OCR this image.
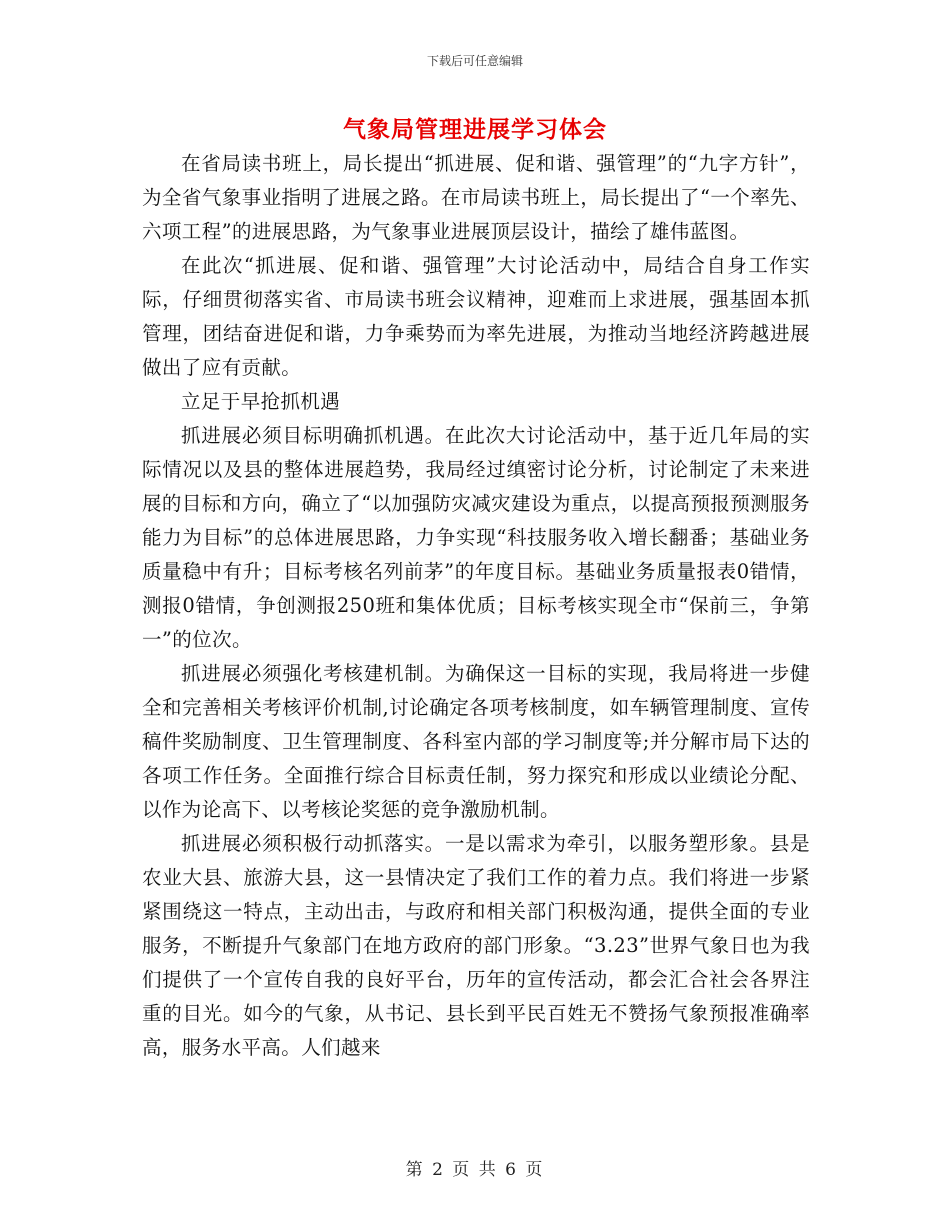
下载后可任意编辑
气象局管理进展学习体会

在省局读书班上，局长提出“抓进展、促和谐、强管理”的“九字方针”，为全省气象事业指明了进展之路。在市局读书班上，局长提出了“一个率先、六项工程”的进展思路，为气象事业进展顶层设计，描绘了雄伟蓝图。

在此次“抓进展、促和谐、强管理”大讨论活动中，局结合自身工作实际，仔细贯彻落实省、市局读书班会议精神，迎难而上求进展，强基固本抓管理，团结奋进促和谐，力争乘势而为率先进展，为推动当地经济跨越进展做出了应有贡献。

立足于早抢抓机遇

抓进展必须目标明确抓机遇。在此次大讨论活动中，基于近几年局的实际情况以及县的整体进展趋势，我局经过缜密讨论分析，讨论制定了未来进展的目标和方向，确立了“以加强防灾减灾建设为重点，以提高预报预测服务能力为目标”的总体进展思路，力争实现“科技服务收入增长翻番；基础业务质量稳中有升；目标考核名列前茅”的年度目标。基础业务质量报表0错情，测报0错情，争创测报250班和集体优质；目标考核实现全市“保前三，争第一”的位次。

抓进展必须强化考核建机制。为确保这一目标的实现，我局将进一步健全和完善相关考核评价机制,讨论确定各项考核制度，如车辆管理制度、宣传稿件奖励制度、卫生管理制度、各科室内部的学习制度等;并分解市局下达的各项工作任务。全面推行综合目标责任制，努力探究和形成以业绩论分配、以作为论高下、以考核论奖惩的竞争激励机制。

抓进展必须积极行动抓落实。一是以需求为牵引，以服务塑形象。县是农业大县、旅游大县，这一县情决定了我们工作的着力点。我们将进一步紧紧围绕这一特点，主动出击，与政府和相关部门积极沟通，提供全面的专业服务，不断提升气象部门在地方政府的部门形象。“3.23”世界气象日也为我们提供了一个宣传自我的良好平台，历年的宣传活动，都会汇合社会各界注重的目光。如今的气象，从书记、县长到平民百姓无不赞扬气象预报准确率高，服务水平高。人们越来

第 2 页 共 6 页
